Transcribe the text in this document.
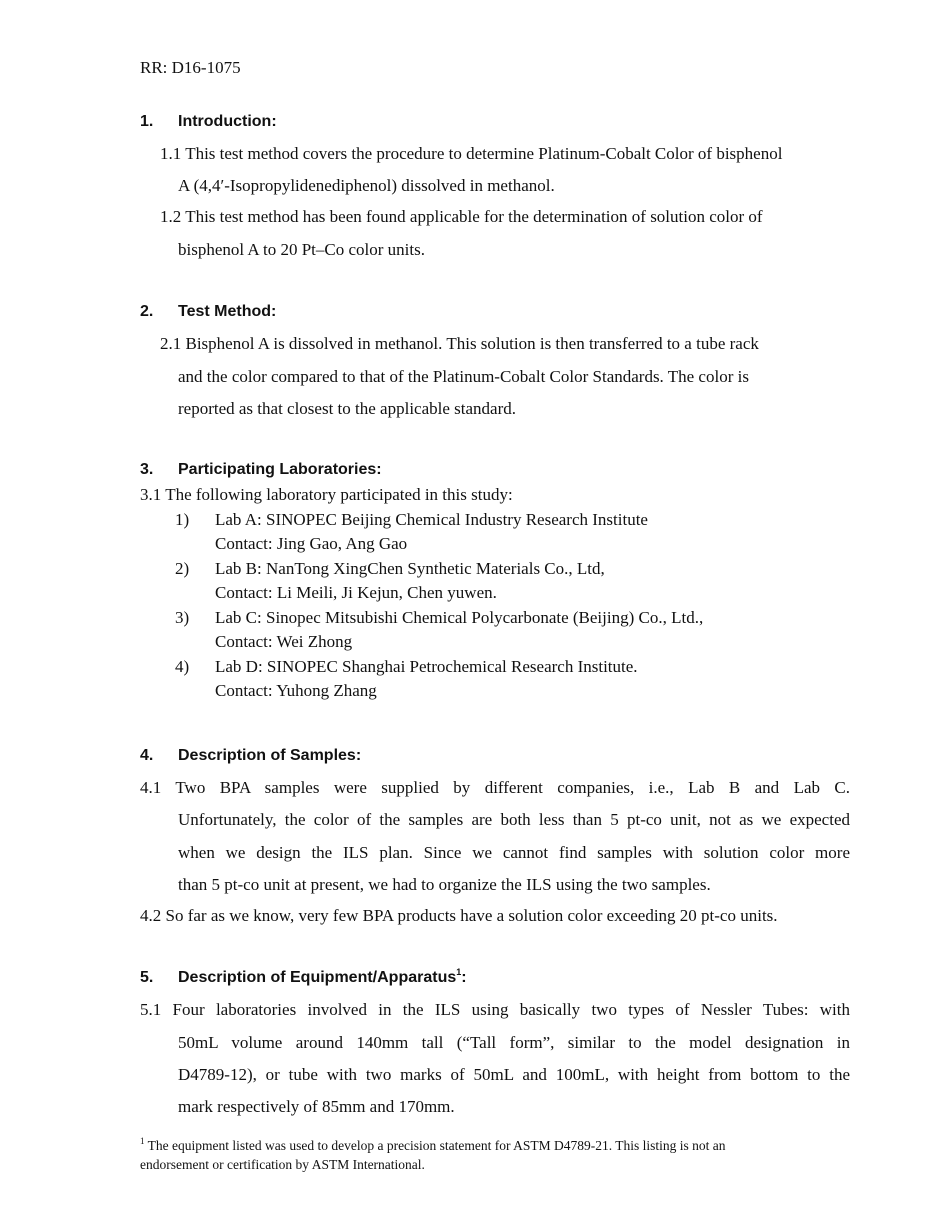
RR: D16-1075
1. Introduction:
1.1 This test method covers the procedure to determine Platinum-Cobalt Color of bisphenol
A (4,4′-Isopropylidenediphenol) dissolved in methanol.
1.2 This test method has been found applicable for the determination of solution color of
bisphenol A to 20 Pt–Co color units.
2. Test Method:
2.1 Bisphenol A is dissolved in methanol. This solution is then transferred to a tube rack
and the color compared to that of the Platinum-Cobalt Color Standards. The color is
reported as that closest to the applicable standard.
3. Participating Laboratories:
3.1 The following laboratory participated in this study:
1) Lab A: SINOPEC Beijing Chemical Industry Research Institute
Contact: Jing Gao, Ang Gao
2) Lab B: NanTong XingChen Synthetic Materials Co., Ltd,
Contact: Li Meili, Ji Kejun, Chen yuwen.
3) Lab C: Sinopec Mitsubishi Chemical Polycarbonate (Beijing) Co., Ltd.,
Contact: Wei Zhong
4) Lab D: SINOPEC Shanghai Petrochemical Research Institute.
Contact: Yuhong Zhang
4. Description of Samples:
4.1 Two BPA samples were supplied by different companies, i.e., Lab B and Lab C.
Unfortunately, the color of the samples are both less than 5 pt-co unit, not as we expected
when we design the ILS plan. Since we cannot find samples with solution color more
than 5 pt-co unit at present, we had to organize the ILS using the two samples.
4.2 So far as we know, very few BPA products have a solution color exceeding 20 pt-co units.
5. Description of Equipment/Apparatus$^1$:
5.1 Four laboratories involved in the ILS using basically two types of Nessler Tubes: with
50mL volume around 140mm tall (“Tall form”, similar to the model designation in
D4789-12), or tube with two marks of 50mL and 100mL, with height from bottom to the
mark respectively of 85mm and 170mm.
$^1$ The equipment listed was used to develop a precision statement for ASTM D4789-21. This listing is not an
endorsement or certification by ASTM International.
